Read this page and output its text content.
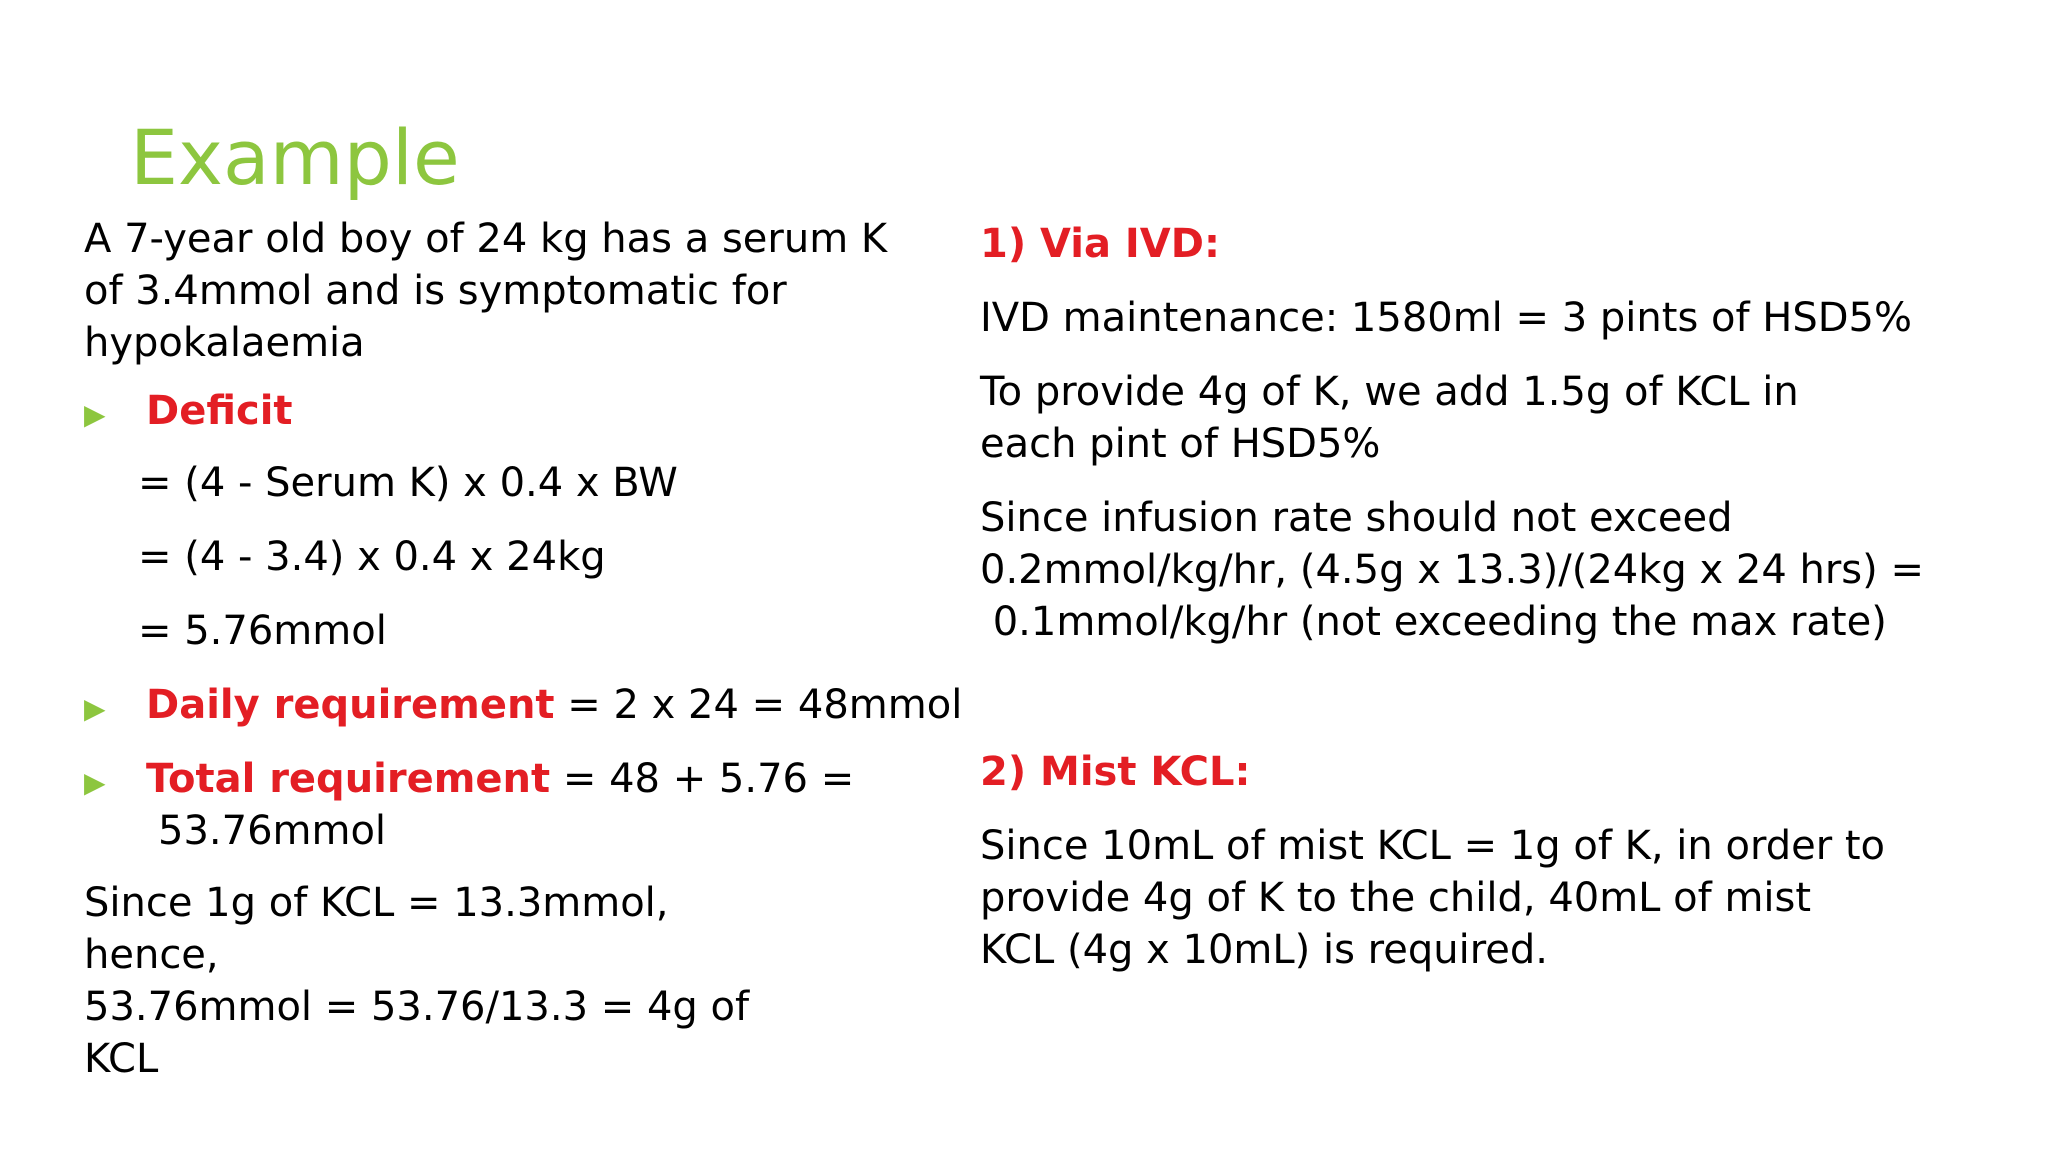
Example

A 7-year old boy of 24 kg has a serum K
of 3.4mmol and is symptomatic for
hypokalaemia

▶ Deficit
= (4 - Serum K) x 0.4 x BW
= (4 - 3.4) x 0.4 x 24kg
= 5.76mmol
▶ Daily requirement = 2 x 24 = 48mmol
▶ Total requirement = 48 + 5.76 =
53.76mmol

Since 1g of KCL = 13.3mmol,
hence,
53.76mmol = 53.76/13.3 = 4g of
KCL

1) Via IVD:
IVD maintenance: 1580ml = 3 pints of HSD5%

To provide 4g of K, we add 1.5g of KCL in
each pint of HSD5%

Since infusion rate should not exceed
0.2mmol/kg/hr, (4.5g x 13.3)/(24kg x 24 hrs) =
0.1mmol/kg/hr (not exceeding the max rate)

2) Mist KCL:

Since 10mL of mist KCL = 1g of K, in order to
provide 4g of K to the child, 40mL of mist
KCL (4g x 10mL) is required.
